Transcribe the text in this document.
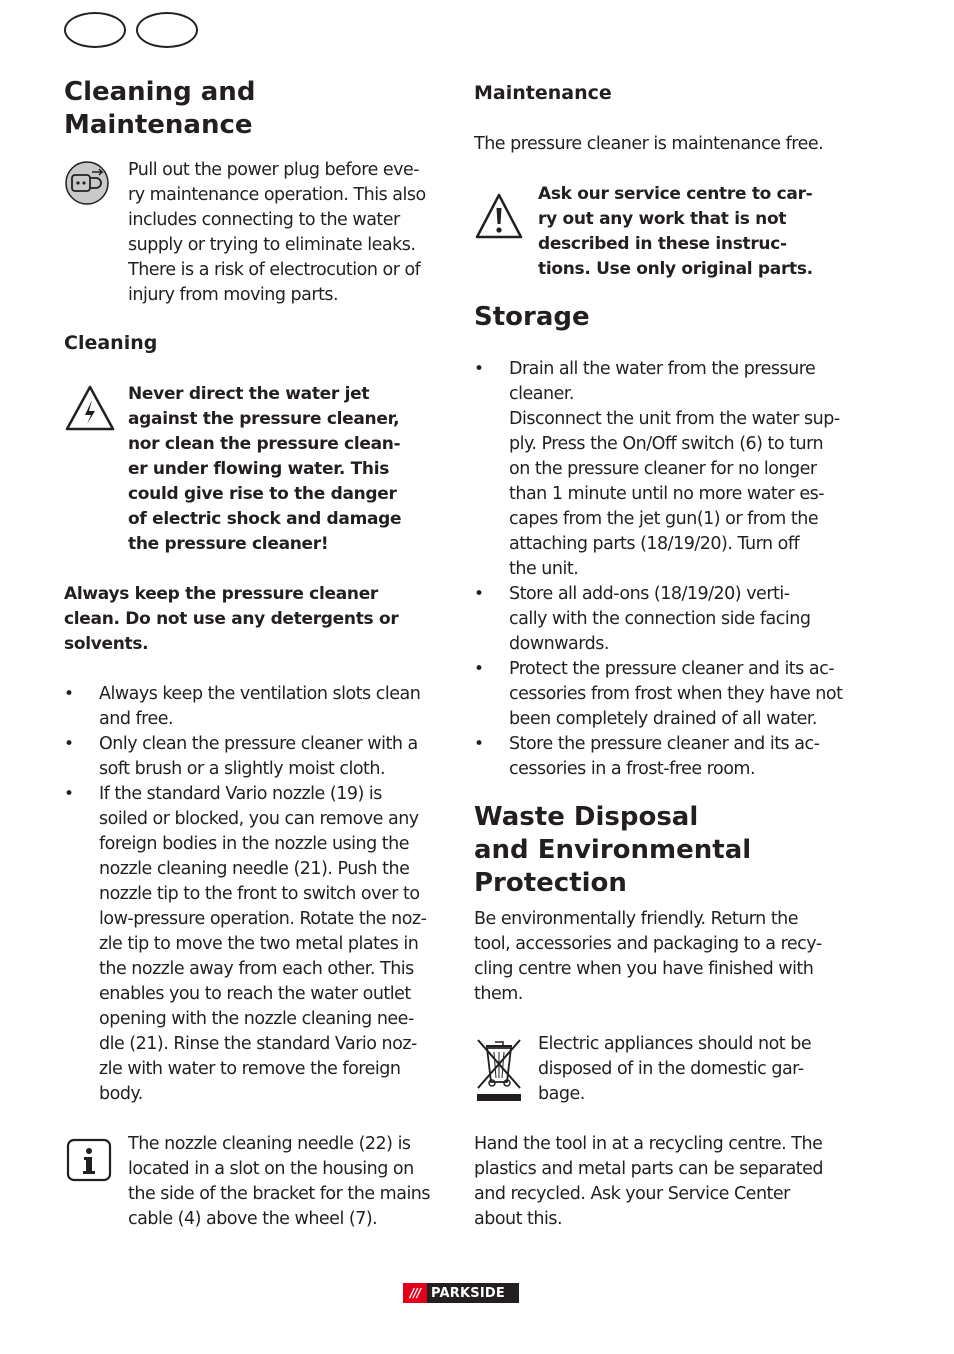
Cleaning and
Maintenance
Pull out the power plug before eve-
ry maintenance operation. This also
includes connecting to the water
supply or trying to eliminate leaks.
There is a risk of electrocution or of
injury from moving parts.
Cleaning
Never direct the water jet
against the pressure cleaner,
nor clean the pressure clean-
er under flowing water. This
could give rise to the danger
of electric shock and damage
the pressure cleaner!
Always keep the pressure cleaner
clean. Do not use any detergents or
solvents.
• Always keep the ventilation slots clean
and free.
• Only clean the pressure cleaner with a
soft brush or a slightly moist cloth.
• If the standard Vario nozzle (19) is
soiled or blocked, you can remove any
foreign bodies in the nozzle using the
nozzle cleaning needle (21). Push the
nozzle tip to the front to switch over to
low-pressure operation. Rotate the noz-
zle tip to move the two metal plates in
the nozzle away from each other. This
enables you to reach the water outlet
opening with the nozzle cleaning nee-
dle (21). Rinse the standard Vario noz-
zle with water to remove the foreign
body.
The nozzle cleaning needle (22) is
located in a slot on the housing on
the side of the bracket for the mains
cable (4) above the wheel (7).
Maintenance
The pressure cleaner is maintenance free.
Ask our service centre to car-
ry out any work that is not
described in these instruc-
tions. Use only original parts.
Storage
• Drain all the water from the pressure
cleaner.
Disconnect the unit from the water sup-
ply. Press the On/Off switch (6) to turn
on the pressure cleaner for no longer
than 1 minute until no more water es-
capes from the jet gun(1) or from the
attaching parts (18/19/20). Turn off
the unit.
• Store all add-ons (18/19/20) verti-
cally with the connection side facing
downwards.
• Protect the pressure cleaner and its ac-
cessories from frost when they have not
been completely drained of all water.
• Store the pressure cleaner and its ac-
cessories in a frost-free room.
Waste Disposal
and Environmental
Protection
Be environmentally friendly. Return the
tool, accessories and packaging to a recy-
cling centre when you have finished with
them.
Electric appliances should not be
disposed of in the domestic gar-
bage.
Hand the tool in at a recycling centre. The
plastics and metal parts can be separated
and recycled. Ask your Service Center
about this.
/// PARKSIDE
